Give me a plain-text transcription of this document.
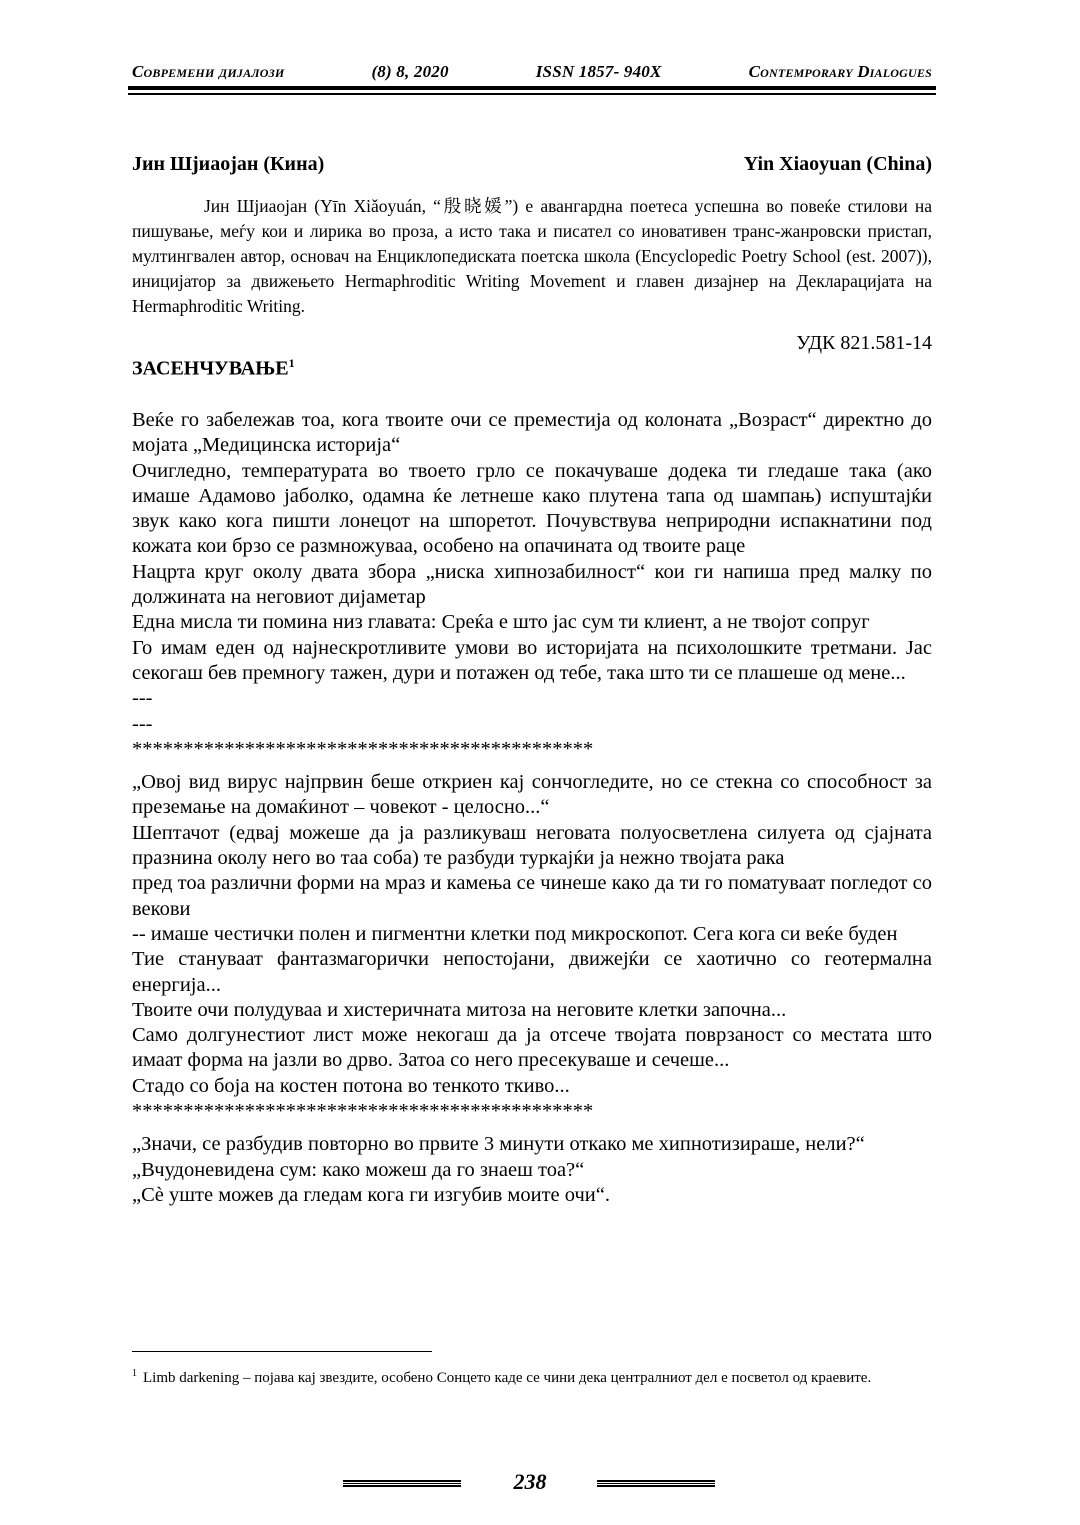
Современи дијалози	(8) 8, 2020	ISSN 1857- 940X	Contemporary Dialogues
Јин Шјиаојан (Кина)	Yin Xiaoyuan (China)

Јин Шјиаојан (Yīn Xiǎoyuán, “殷晓媛”) е авангардна поетеса успешна во повеќе стилови на пишување, меѓу кои и лирика во проза, а исто така и писател со иновативен транс-жанровски пристап, мултингвален автор, основач на Енциклопедиската поетска школа (Encyclopedic Poetry School (est. 2007)), иницијатор за движењето Hermaphroditic Writing Movement и главен дизајнер на Декларацијата на Hermaphroditic Writing.

УДК 821.581-14
ЗАСЕНЧУВАЊЕ$^1$

Веќе го забележав тоа, кога твоите очи се преместија од колоната „Возраст“ директно до мојата „Медицинска историја“

Очигледно, температурата во твоето грло се покачуваше додека ти гледаше така (ако имаше Адамово јаболко, одамна ќе летнеше како плутена тапа од шампањ) испуштајќи звук како кога пишти лонецот на шпоретот. Почувствува неприродни испакнатини под кожата кои брзо се размножуваа, особено на опачината од твоите раце

Нацрта круг околу двата збора „ниска хипнозабилност“ кои ги напиша пред малку по должината на неговиот дијаметар

Една мисла ти помина низ главата: Среќа е што јас сум ти клиент, а не твојот сопруг

Го имам еден од најнескротливите умови во историјата на психолошките третмани. Јас секогаш бев премногу тажен, дури и потажен од тебе, така што ти се плашеше од мене...

---

---

*********************************************

„Овој вид вирус најпрвин беше откриен кај сончогледите, но се стекна со способност за преземање на домаќинот – човекот - целосно...“

Шептачот (едвај можеше да ја разликуваш неговата полуосветлена силуета од сјајната празнина околу него во таа соба) те разбуди туркајќи ја нежно твојата рака

пред тоа различни форми на мраз и камења се чинеше како да ти го поматуваат погледот со векови

-- имаше честички полен и пигментни клетки под микроскопот. Сега кога си веќе буден

Тие стануваат фантазмагорички непостојани, движејќи се хаотично со геотермална енергија...

Твоите очи полудуваа и хистеричната митоза на неговите клетки започна...

Само долгунестиот лист може некогаш да ја отсече твојата поврзаност со местата што имаат форма на јазли во дрво. Затоа со него пресекуваше и сечеше...

Стадо со боја на костен потона во тенкото ткиво...

*********************************************

„Значи, се разбудив повторно во првите 3 минути откако ме хипнотизираше, нели?“

„Вчудоневидена сум: како можеш да го знаеш тоа?“

„Сè уште можев да гледам кога ги изгубив моите очи“.

$^1$ Limb darkening – појава кај звездите, особено Сонцето каде се чини дека централниот дел е посветол од краевите.

238
